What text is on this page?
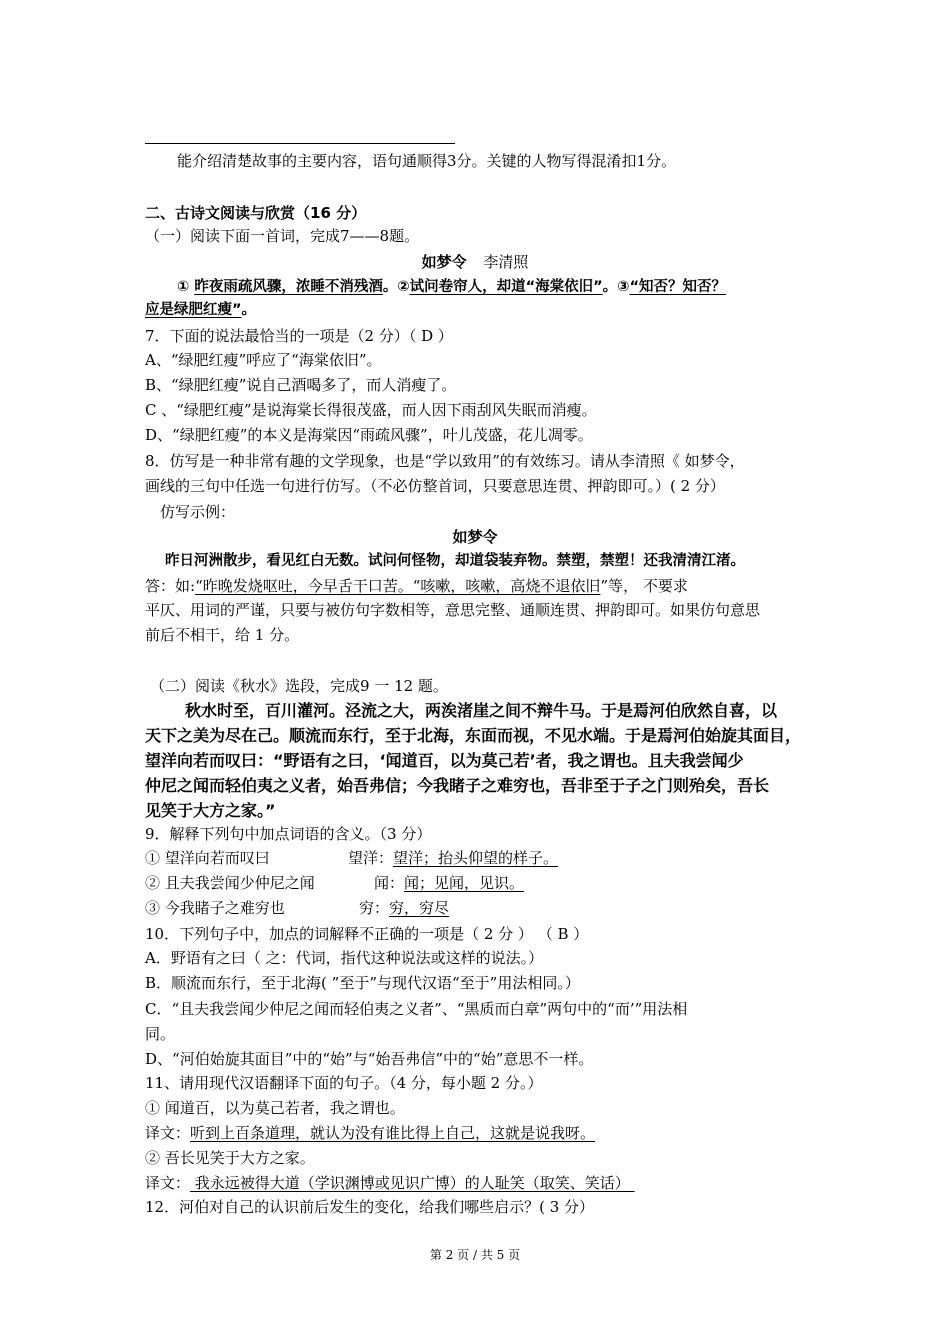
能介绍清楚故事的主要内容，语句通顺得3分。关键的人物写得混淆扣1分。
二、古诗文阅读与欣赏（16 分）
（一）阅读下面一首词，完成7——8题。
如梦令 李清照
① 昨夜雨疏风骤，浓睡不消残酒。②试问卷帘人，却道“海棠依旧”。③“知否？知否？
应是绿肥红瘦”。
7．下面的说法最恰当的一项是（2 分）（ D ）
A、“绿肥红瘦”呼应了“海棠依旧”。
B、“绿肥红瘦”说自己酒喝多了，而人消瘦了。
C 、“绿肥红瘦”是说海棠长得很茂盛，而人因下雨刮风失眠而消瘦。
D、“绿肥红瘦”的本义是海棠因“雨疏风骤”，叶儿茂盛，花儿凋零。
8．仿写是一种非常有趣的文学现象，也是“学以致用”的有效练习。请从李清照《 如梦令，
画线的三句中任选一句进行仿写。（不必仿整首词，只要意思连贯、押韵即可。）( 2 分）
仿写示例：
如梦令
昨日河洲散步，看见红白无数。试问何怪物，却道袋装弃物。禁塑，禁塑！还我清清江渚。
答：如:“昨晚发烧呕吐，今早舌干口苦。“咳嗽，咳嗽，高烧不退依旧”等， 不要求
平仄、用词的严谨，只要与被仿句字数相等，意思完整、通顺连贯、押韵即可。如果仿句意思
前后不相干，给 1 分。
（二）阅读《秋水》选段，完成9 一 12 题。
秋水时至，百川灌河。泾流之大，两涘渚崖之间不辩牛马。于是焉河伯欣然自喜，以
天下之美为尽在己。顺流而东行，至于北海，东面而视，不见水端。于是焉河伯始旋其面目，
望洋向若而叹曰：“野语有之曰，‘闻道百，以为莫己若’者，我之谓也。且夫我尝闻少
仲尼之闻而轻伯夷之义者，始吾弗信；今我睹子之难穷也，吾非至于子之门则殆矣，吾长
见笑于大方之家。”
9．解释下列句中加点词语的含义。（3 分）
① 望洋向若而叹曰	望洋：望洋；抬头仰望的样子。
② 且夫我尝闻少仲尼之闻	闻：闻；见闻，见识。
③ 今我睹子之难穷也	穷：穷，穷尽
10．下列句子中，加点的词解释不正确的一项是（ 2 分 ） （ B ）
A．野语有之曰（ 之：代词，指代这种说法或这样的说法。）
B．顺流而东行，至于北海( ”至于”与现代汉语“至于”用法相同。）
C．“且夫我尝闻少仲尼之闻而轻伯夷之义者”、“黑质而白章”两句中的“而’”用法相
同。
D、“河伯始旋其面目”中的“始”与“始吾弗信”中的“始”意思不一样。
11、请用现代汉语翻译下面的句子。（4 分，每小题 2 分。）
① 闻道百，以为莫己若者，我之谓也。
译文：听到上百条道理，就认为没有谁比得上自己，这就是说我呀。
② 吾长见笑于大方之家。
译文： 我永远被得大道（学识渊博或见识广博）的人耻笑（取笑、笑话）
12．河伯对自己的认识前后发生的变化，给我们哪些启示？( 3 分）
第 2 页 / 共 5 页
